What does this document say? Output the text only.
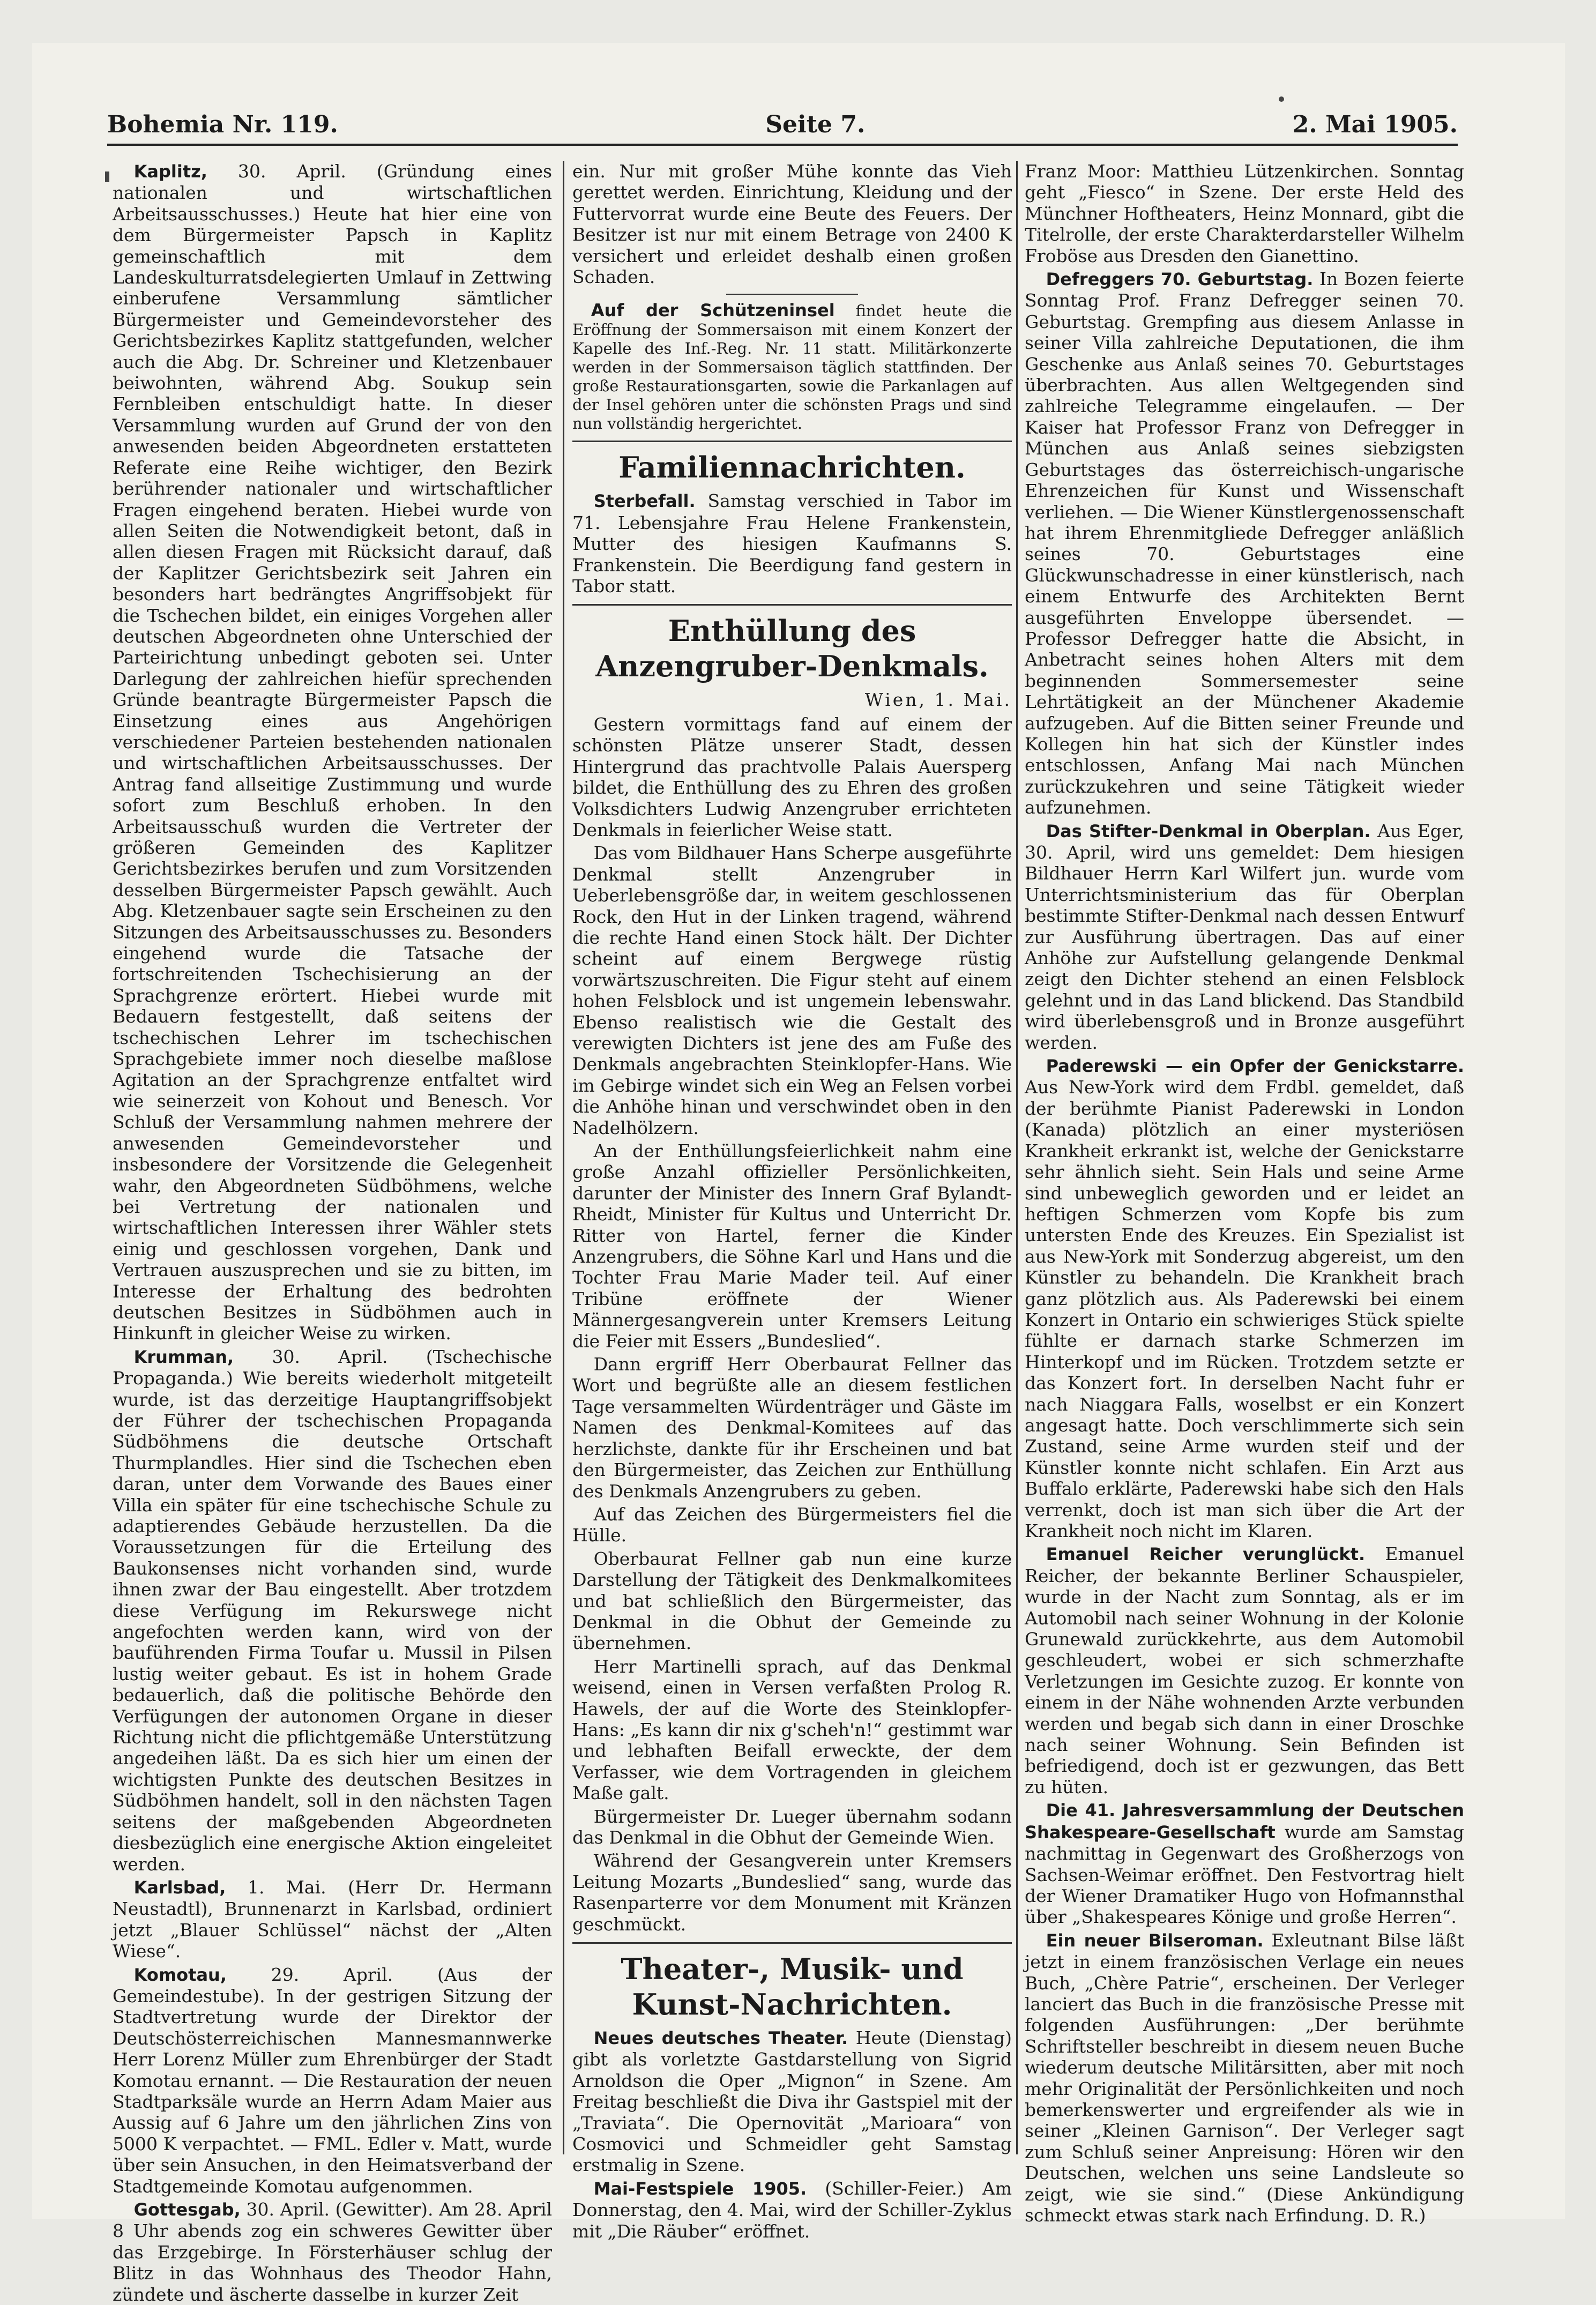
Bohemia Nr. 119.	Seite 7.	2. Mai 1905.

Kaplitz, 30. April. (Gründung eines nationalen und wirtschaftlichen Arbeitsausschusses.) Heute hat hier eine von dem Bürgermeister Papsch in Kaplitz gemeinschaftlich mit dem Landeskulturratsdelegierten Umlauf in Zettwing einberufene Versammlung sämtlicher Bürgermeister und Gemeindevorsteher des Gerichtsbezirkes Kaplitz stattgefunden, welcher auch die Abg. Dr. Schreiner und Kletzenbauer beiwohnten, während Abg. Soukup sein Fernbleiben entschuldigt hatte. In dieser Versammlung wurden auf Grund der von den anwesenden beiden Abgeordneten erstatteten Referate eine Reihe wichtiger, den Bezirk berührender nationaler und wirtschaftlicher Fragen eingehend beraten. Hiebei wurde von allen Seiten die Notwendigkeit betont, daß in allen diesen Fragen mit Rücksicht darauf, daß der Kaplitzer Gerichtsbezirk seit Jahren ein besonders hart bedrängtes Angriffsobjekt für die Tschechen bildet, ein einiges Vorgehen aller deutschen Abgeordneten ohne Unterschied der Parteirichtung unbedingt geboten sei. Unter Darlegung der zahlreichen hiefür sprechenden Gründe beantragte Bürgermeister Papsch die Einsetzung eines aus Angehörigen verschiedener Parteien bestehenden nationalen und wirtschaftlichen Arbeitsausschusses. Der Antrag fand allseitige Zustimmung und wurde sofort zum Beschluß erhoben. In den Arbeitsausschuß wurden die Vertreter der größeren Gemeinden des Kaplitzer Gerichtsbezirkes berufen und zum Vorsitzenden desselben Bürgermeister Papsch gewählt. Auch Abg. Kletzenbauer sagte sein Erscheinen zu den Sitzungen des Arbeitsausschusses zu. Besonders eingehend wurde die Tatsache der fortschreitenden Tschechisierung an der Sprachgrenze erörtert. Hiebei wurde mit Bedauern festgestellt, daß seitens der tschechischen Lehrer im tschechischen Sprachgebiete immer noch dieselbe maßlose Agitation an der Sprachgrenze entfaltet wird wie seinerzeit von Kohout und Benesch. Vor Schluß der Versammlung nahmen mehrere der anwesenden Gemeindevorsteher und insbesondere der Vorsitzende die Gelegenheit wahr, den Abgeordneten Südböhmens, welche bei Vertretung der nationalen und wirtschaftlichen Interessen ihrer Wähler stets einig und geschlossen vorgehen, Dank und Vertrauen auszusprechen und sie zu bitten, im Interesse der Erhaltung des bedrohten deutschen Besitzes in Südböhmen auch in Hinkunft in gleicher Weise zu wirken.

Krumman, 30. April. (Tschechische Propaganda.) Wie bereits wiederholt mitgeteilt wurde, ist das derzeitige Hauptangriffsobjekt der Führer der tschechischen Propaganda Südböhmens die deutsche Ortschaft Thurmplandles. Hier sind die Tschechen eben daran, unter dem Vorwande des Baues einer Villa ein später für eine tschechische Schule zu adaptierendes Gebäude herzustellen. Da die Voraussetzungen für die Erteilung des Baukonsenses nicht vorhanden sind, wurde ihnen zwar der Bau eingestellt. Aber trotzdem diese Verfügung im Rekurswege nicht angefochten werden kann, wird von der bauführenden Firma Toufar u. Mussil in Pilsen lustig weiter gebaut. Es ist in hohem Grade bedauerlich, daß die politische Behörde den Verfügungen der autonomen Organe in dieser Richtung nicht die pflichtgemäße Unterstützung angedeihen läßt. Da es sich hier um einen der wichtigsten Punkte des deutschen Besitzes in Südböhmen handelt, soll in den nächsten Tagen seitens der maßgebenden Abgeordneten diesbezüglich eine energische Aktion eingeleitet werden.

Karlsbad, 1. Mai. (Herr Dr. Hermann Neustadtl), Brunnenarzt in Karlsbad, ordiniert jetzt „Blauer Schlüssel“ nächst der „Alten Wiese“.

Komotau,	29. April. (Aus der Gemeindestube). In der gestrigen Sitzung der Stadtvertretung wurde der Direktor der Deutschösterreichischen Mannesmannwerke Herr Lorenz Müller zum Ehrenbürger der Stadt Komotau ernannt. — Die Restauration der neuen Stadtparksäle wurde an Herrn Adam Maier aus Aussig auf 6 Jahre um den jährlichen Zins von 5000 K verpachtet. — FML. Edler v. Matt, wurde über sein Ansuchen, in den Heimatsverband der Stadtgemeinde Komotau aufgenommen.

Gottesgab, 30. April. (Gewitter). Am 28. April 8 Uhr abends zog ein schweres Gewitter über das Erzgebirge. In Försterhäuser schlug der Blitz in das Wohnhaus des Theodor Hahn, zündete und äscherte dasselbe in kurzer Zeit

ein. Nur mit großer Mühe konnte das Vieh gerettet werden. Einrichtung, Kleidung und der Futtervorrat wurde eine Beute des Feuers. Der Besitzer ist nur mit einem Betrage von 2400 K versichert und erleidet deshalb einen großen Schaden.

Auf der Schützeninsel findet heute die Eröffnung der Sommersaison mit einem Konzert der Kapelle des Inf.-Reg. Nr. 11 statt. Militärkonzerte werden in der Sommersaison täglich stattfinden. Der große Restaurationsgarten, sowie die Parkanlagen auf der Insel gehören unter die schönsten Prags und sind nun vollständig hergerichtet.

Familiennachrichten.

Sterbefall. Samstag verschied in Tabor im 71. Lebensjahre Frau Helene Frankenstein, Mutter des hiesigen Kaufmanns S. Frankenstein. Die Beerdigung fand gestern in Tabor statt.

Enthüllung des Anzengruber-Denkmals.
Wien, 1. Mai.

Gestern vormittags fand auf einem der schönsten Plätze unserer Stadt, dessen Hintergrund das prachtvolle Palais Auersperg bildet, die Enthüllung des zu Ehren des großen Volksdichters Ludwig Anzengruber errichteten Denkmals in feierlicher Weise statt.

Das vom Bildhauer Hans Scherpe ausgeführte Denkmal stellt Anzengruber in Ueberlebensgröße dar, in weitem geschlossenen Rock, den Hut in der Linken tragend, während die rechte Hand einen Stock hält. Der Dichter scheint auf einem Bergwege rüstig vorwärtszuschreiten. Die Figur steht auf einem hohen Felsblock und ist ungemein lebenswahr. Ebenso realistisch wie die Gestalt des verewigten Dichters ist jene des am Fuße des Denkmals angebrachten Steinklopfer-Hans. Wie im Gebirge windet sich ein Weg an Felsen vorbei die Anhöhe hinan und verschwindet oben in den Nadelhölzern.

An der Enthüllungsfeierlichkeit nahm eine große Anzahl offizieller Persönlichkeiten, darunter der Minister des Innern Graf Bylandt-Rheidt, Minister für Kultus und Unterricht Dr. Ritter von Hartel, ferner die Kinder Anzengrubers, die Söhne Karl und Hans und die Tochter Frau Marie Mader teil. Auf einer Tribüne eröffnete der Wiener Männergesangverein unter Kremsers Leitung die Feier mit Essers „Bundeslied“.

Dann ergriff Herr Oberbaurat Fellner das Wort und begrüßte alle an diesem festlichen Tage versammelten Würdenträger und Gäste im Namen des Denkmal-Komitees auf das herzlichste, dankte für ihr Erscheinen und bat den Bürgermeister, das Zeichen zur Enthüllung des Denkmals Anzengrubers zu geben.

Auf das Zeichen des Bürgermeisters fiel die Hülle.

Oberbaurat Fellner gab nun eine kurze Darstellung der Tätigkeit des Denkmalkomitees und bat schließlich den Bürgermeister, das Denkmal in die Obhut der Gemeinde zu übernehmen.

Herr Martinelli sprach, auf das Denkmal weisend, einen in Versen verfaßten Prolog R. Hawels, der auf die Worte des Steinklopfer-Hans: „Es kann dir nix g'scheh'n!“ gestimmt war und lebhaften Beifall erweckte, der dem Verfasser, wie dem Vortragenden in gleichem Maße galt.

Bürgermeister Dr. Lueger übernahm sodann das Denkmal in die Obhut der Gemeinde Wien.

Während der Gesangverein unter Kremsers Leitung Mozarts „Bundeslied“ sang, wurde das Rasenparterre vor dem Monument mit Kränzen geschmückt.

Theater-, Musik- und Kunst-Nachrichten.

Neues deutsches Theater. Heute (Dienstag) gibt als vorletzte Gastdarstellung von Sigrid Arnoldson die Oper „Mignon“ in Szene. Am Freitag beschließt die Diva ihr Gastspiel mit der „Traviata“. Die Opernovität „Marioara“ von Cosmovici und Schmeidler geht Samstag erstmalig in Szene.

Mai-Festspiele 1905. (Schiller-Feier.) Am Donnerstag, den 4. Mai, wird der Schiller-Zyklus mit „Die Räuber“ eröffnet.

Franz Moor: Matthieu Lützenkirchen. Sonntag geht „Fiesco“ in Szene. Der erste Held des Münchner Hoftheaters, Heinz Monnard, gibt die Titelrolle, der erste Charakterdarsteller Wilhelm Froböse aus Dresden den Gianettino.

Defreggers 70. Geburtstag. In Bozen feierte Sonntag Prof. Franz Defregger seinen 70. Geburtstag. Grempfing aus diesem Anlasse in seiner Villa zahlreiche Deputationen, die ihm Geschenke aus Anlaß seines 70. Geburtstages überbrachten. Aus allen Weltgegenden sind zahlreiche Telegramme eingelaufen. — Der Kaiser hat Professor Franz von Defregger in München aus Anlaß seines siebzigsten Geburtstages das österreichisch-ungarische Ehrenzeichen für Kunst und Wissenschaft verliehen. — Die Wiener Künstlergenossenschaft hat ihrem Ehrenmitgliede Defregger anläßlich seines 70. Geburtstages eine Glückwunschadresse in einer künstlerisch, nach einem Entwurfe des Architekten Bernt ausgeführten Enveloppe übersendet. — Professor Defregger hatte die Absicht, in Anbetracht seines hohen Alters mit dem beginnenden Sommersemester seine Lehrtätigkeit an der Münchener Akademie aufzugeben. Auf die Bitten seiner Freunde und Kollegen hin hat sich der Künstler indes entschlossen, Anfang Mai nach München zurückzukehren und seine Tätigkeit wieder aufzunehmen.

Das Stifter-Denkmal in Oberplan. Aus Eger, 30. April, wird uns gemeldet: Dem hiesigen Bildhauer Herrn Karl Wilfert jun. wurde vom Unterrichtsministerium das für Oberplan bestimmte Stifter-Denkmal nach dessen Entwurf zur Ausführung übertragen. Das auf einer Anhöhe zur Aufstellung gelangende Denkmal zeigt den Dichter stehend an einen Felsblock gelehnt und in das Land blickend. Das Standbild wird überlebensgroß und in Bronze ausgeführt werden.

Paderewski — ein Opfer der Genickstarre. Aus New-York wird dem Frdbl. gemeldet, daß der berühmte Pianist Paderewski in London (Kanada) plötzlich an einer mysteriösen Krankheit erkrankt ist, welche der Genickstarre sehr ähnlich sieht. Sein Hals und seine Arme sind unbeweglich geworden und er leidet an heftigen Schmerzen vom Kopfe bis zum untersten Ende des Kreuzes. Ein Spezialist ist aus New-York mit Sonderzug abgereist, um den Künstler zu behandeln. Die Krankheit brach ganz plötzlich aus. Als Paderewski bei einem Konzert in Ontario ein schwieriges Stück spielte fühlte er darnach starke Schmerzen im Hinterkopf und im Rücken. Trotzdem setzte er das Konzert fort. In derselben Nacht fuhr er nach Niaggara Falls, woselbst er ein Konzert angesagt hatte. Doch verschlimmerte sich sein Zustand, seine Arme wurden steif und der Künstler konnte nicht schlafen. Ein Arzt aus Buffalo erklärte, Paderewski habe sich den Hals verrenkt, doch ist man sich über die Art der Krankheit noch nicht im Klaren.

Emanuel Reicher verunglückt. Emanuel Reicher, der bekannte Berliner Schauspieler, wurde in der Nacht zum Sonntag, als er im Automobil nach seiner Wohnung in der Kolonie Grunewald zurückkehrte, aus dem Automobil geschleudert, wobei er sich schmerzhafte Verletzungen im Gesichte zuzog. Er konnte von einem in der Nähe wohnenden Arzte verbunden werden und begab sich dann in einer Droschke nach seiner Wohnung. Sein Befinden ist befriedigend, doch ist er gezwungen, das Bett zu hüten.

Die 41. Jahresversammlung der Deutschen Shakespeare-Gesellschaft wurde am Samstag nachmittag in Gegenwart des Großherzogs von Sachsen-Weimar eröffnet. Den Festvortrag hielt der Wiener Dramatiker Hugo von Hofmannsthal über „Shakespeares Könige und große Herren“.

Ein neuer Bilseroman. Exleutnant Bilse läßt jetzt in einem französischen Verlage ein neues Buch, „Chère Patrie“, erscheinen. Der Verleger lanciert das Buch in die französische Presse mit folgenden Ausführungen: „Der berühmte Schriftsteller beschreibt in diesem neuen Buche wiederum deutsche Militärsitten, aber mit noch mehr Originalität der Persönlichkeiten und noch bemerkenswerter und ergreifender als wie in seiner „Kleinen Garnison“. Der Verleger sagt zum Schluß seiner Anpreisung: Hören wir den Deutschen, welchen uns seine Landsleute so zeigt, wie sie sind.“ (Diese Ankündigung schmeckt etwas stark nach Erfindung. D. R.)
